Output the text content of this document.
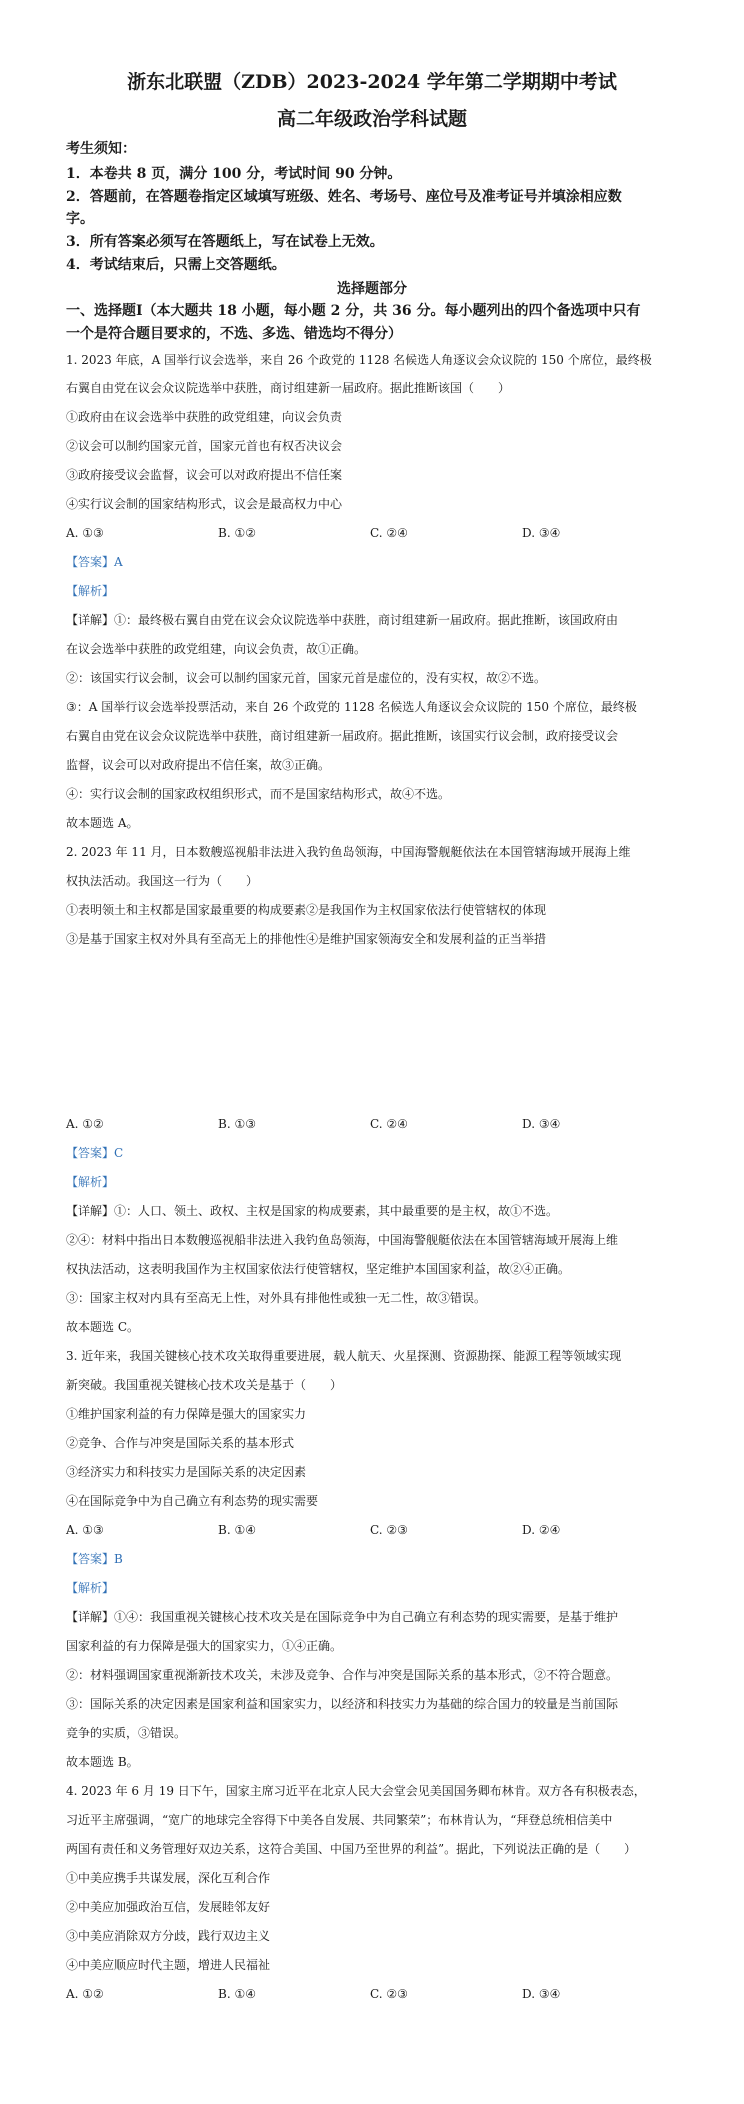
浙东北联盟（ZDB）2023-2024 学年第二学期期中考试
高二年级政治学科试题
考生须知：
1．本卷共 8 页，满分 100 分，考试时间 90 分钟。
2．答题前，在答题卷指定区域填写班级、姓名、考场号、座位号及准考证号并填涂相应数
字。
3．所有答案必须写在答题纸上，写在试卷上无效。
4．考试结束后，只需上交答题纸。
选择题部分
一、选择题Ⅰ（本大题共 18 小题，每小题 2 分，共 36 分。每小题列出的四个备选项中只有
一个是符合题目要求的，不选、多选、错选均不得分）
1. 2023 年底，A 国举行议会选举，来自 26 个政党的 1128 名候选人角逐议会众议院的 150 个席位，最终极
右翼自由党在议会众议院选举中获胜，商讨组建新一届政府。据此推断该国（　　）
①政府由在议会选举中获胜的政党组建，向议会负责
②议会可以制约国家元首，国家元首也有权否决议会
③政府接受议会监督，议会可以对政府提出不信任案
④实行议会制的国家结构形式，议会是最高权力中心
A. ①③	B. ①②	C. ②④	D. ③④
【答案】A
【解析】
【详解】①：最终极右翼自由党在议会众议院选举中获胜，商讨组建新一届政府。据此推断，该国政府由
在议会选举中获胜的政党组建，向议会负责，故①正确。
②：该国实行议会制，议会可以制约国家元首，国家元首是虚位的，没有实权，故②不选。
③：A 国举行议会选举投票活动，来自 26 个政党的 1128 名候选人角逐议会众议院的 150 个席位，最终极
右翼自由党在议会众议院选举中获胜，商讨组建新一届政府。据此推断，该国实行议会制，政府接受议会
监督，议会可以对政府提出不信任案，故③正确。
④：实行议会制的国家政权组织形式，而不是国家结构形式，故④不选。
故本题选 A。
2. 2023 年 11 月，日本数艘巡视船非法进入我钓鱼岛领海，中国海警舰艇依法在本国管辖海域开展海上维
权执法活动。我国这一行为（　　）
①表明领土和主权都是国家最重要的构成要素②是我国作为主权国家依法行使管辖权的体现
③是基于国家主权对外具有至高无上的排他性④是维护国家领海安全和发展利益的正当举措
A. ①②	B. ①③	C. ②④	D. ③④
【答案】C
【解析】
【详解】①：人口、领土、政权、主权是国家的构成要素，其中最重要的是主权，故①不选。
②④：材料中指出日本数艘巡视船非法进入我钓鱼岛领海，中国海警舰艇依法在本国管辖海域开展海上维
权执法活动，这表明我国作为主权国家依法行使管辖权，坚定维护本国国家利益，故②④正确。
③：国家主权对内具有至高无上性，对外具有排他性或独一无二性，故③错误。
故本题选 C。
3. 近年来，我国关键核心技术攻关取得重要进展，载人航天、火星探测、资源勘探、能源工程等领域实现
新突破。我国重视关键核心技术攻关是基于（　　）
①维护国家利益的有力保障是强大的国家实力
②竞争、合作与冲突是国际关系的基本形式
③经济实力和科技实力是国际关系的决定因素
④在国际竞争中为自己确立有利态势的现实需要
A. ①③	B. ①④	C. ②③	D. ②④
【答案】B
【解析】
【详解】①④：我国重视关键核心技术攻关是在国际竞争中为自己确立有利态势的现实需要，是基于维护
国家利益的有力保障是强大的国家实力，①④正确。
②：材料强调国家重视渐新技术攻关，未涉及竞争、合作与冲突是国际关系的基本形式，②不符合题意。
③：国际关系的决定因素是国家利益和国家实力，以经济和科技实力为基础的综合国力的较量是当前国际
竞争的实质，③错误。
故本题选 B。
4. 2023 年 6 月 19 日下午，国家主席习近平在北京人民大会堂会见美国国务卿布林肯。双方各有积极表态，
习近平主席强调，“宽广的地球完全容得下中美各自发展、共同繁荣”；布林肯认为，“拜登总统相信美中
两国有责任和义务管理好双边关系，这符合美国、中国乃至世界的利益”。据此，下列说法正确的是（　　）
①中美应携手共谋发展，深化互利合作
②中美应加强政治互信，发展睦邻友好
③中美应消除双方分歧，践行双边主义
④中美应顺应时代主题，增进人民福祉
A. ①②	B. ①④	C. ②③	D. ③④
